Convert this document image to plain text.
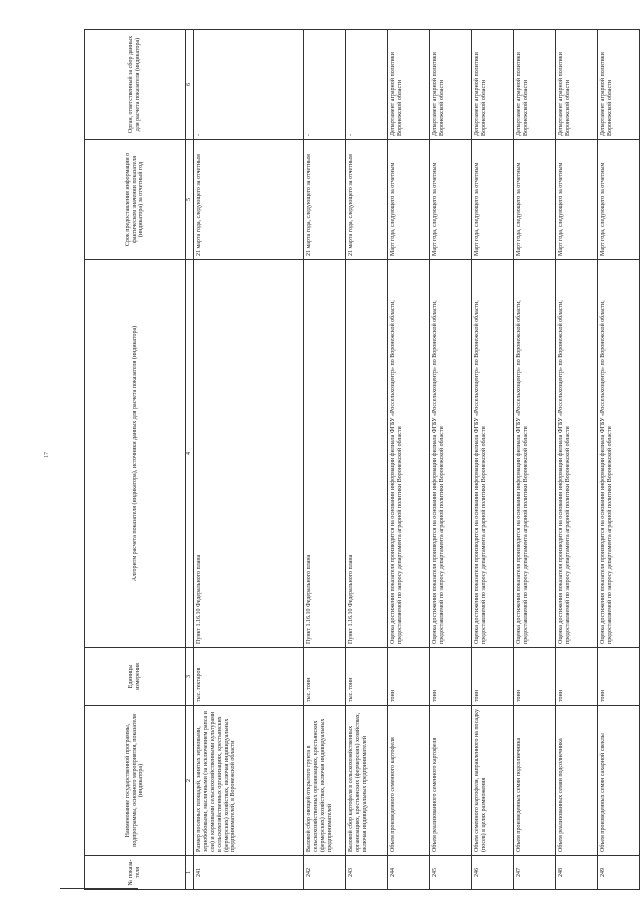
17
№ показа-теля	Наименование государственной программы, подпрограммы, основного мероприятия, показателя (индикатора)	Единицы измерения	Алгоритм расчета показателя (индикатора), источники данных для расчета показателя (индикатора)	Срок предоставления информации о фактическом значении показателя (индикатора) за отчетный год	Орган, ответственный за сбор данных для расчета показателя (индикатора)
1	2	3	4	5	6
241	Размер посевных площадей, занятых зерновыми, зернобобовыми, масличными (за исключением рапса и сои) и кормовыми сельскохозяйственными культурами в сельскохозяйственных организациях, крестьянских (фермерских) хозяйствах, включая индивидуальных предпринимателей, в Воронежской области	тыс. гектаров	Пункт 1.16.10 Федерального плана	21 марта года, следующего за отчетным	-
242	Валовой сбор овощей открытого грунта в сельскохозяйственных организациях, крестьянских (фермерских) хозяйствах, включая индивидуальных предпринимателей	тыс. тонн	Пункт 1.16.10 Федерального плана	21 марта года, следующего за отчетным	-
243	Валовой сбор картофеля в сельскохозяйственных организациях, крестьянских (фермерских) хозяйствах, включая индивидуальных предпринимателей	тыс. тонн	Пункт 1.16.10 Федерального плана	21 марта года, следующего за отчетным	-
244	Объем произведенного семенного картофеля	тонн	Оценка достижения показателя производится на основании информации филиала ФГБУ «Россельхозцентр» по Воронежской области, предоставляемой по запросу департамента аграрной политики Воронежской области	Март года, следующего за отчетным	Департамент аграрной политики Воронежской области
245	Объем реализованного семенного картофеля	тонн	Оценка достижения показателя производится на основании информации филиала ФГБУ «Россельхозцентр» по Воронежской области, предоставляемой по запросу департамента аграрной политики Воронежской области	Март года, следующего за отчетным	Департамент аграрной политики Воронежской области
246	Объем семенного картофеля, направленного на посадку (посев) в целях размножения	тонн	Оценка достижения показателя производится на основании информации филиала ФГБУ «Россельхозцентр» по Воронежской области, предоставляемой по запросу департамента аграрной политики Воронежской области	Март года, следующего за отчетным	Департамент аграрной политики Воронежской области
247	Объем произведенных семян подсолнечника	тонн	Оценка достижения показателя производится на основании информации филиала ФГБУ «Россельхозцентр» по Воронежской области, предоставляемой по запросу департамента аграрной политики Воронежской области	Март года, следующего за отчетным	Департамент аграрной политики Воронежской области
248	Объем реализованных семян подсолнечника	тонн	Оценка достижения показателя производится на основании информации филиала ФГБУ «Россельхозцентр» по Воронежской области, предоставляемой по запросу департамента аграрной политики Воронежской области	Март года, следующего за отчетным	Департамент аграрной политики Воронежской области
249	Объем произведенных семян сахарной свеклы	тонн	Оценка достижения показателя производится на основании информации филиала ФГБУ «Россельхозцентр» по Воронежской области, предоставляемой по запросу департамента аграрной политики Воронежской области	Март года, следующего за отчетным	Департамент аграрной политики Воронежской области
